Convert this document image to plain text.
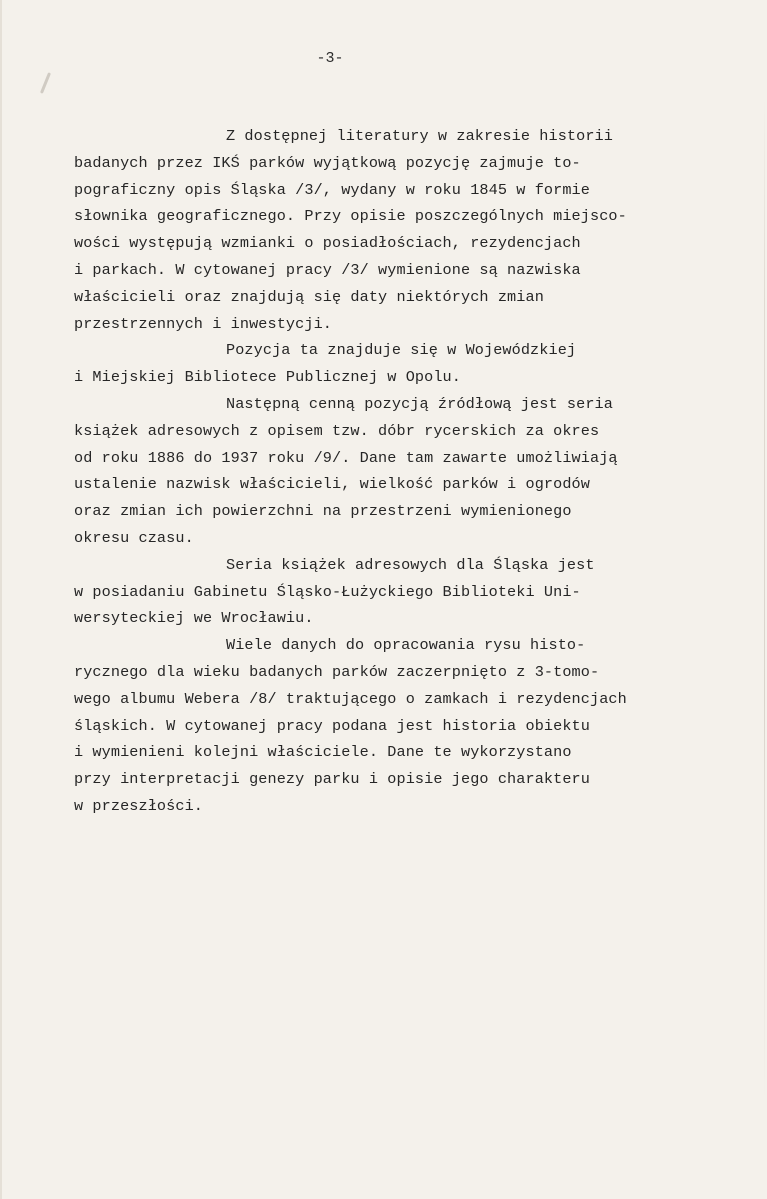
-3-
Z dostępnej literatury w zakresie historii
badanych przez IKŚ parków wyjątkową pozycję zajmuje to-
pograficzny opis Śląska /3/, wydany w roku 1845 w formie
słownika geograficznego. Przy opisie poszczególnych miejsco-
wości występują wzmianki o posiadłościach, rezydencjach
i parkach. W cytowanej pracy /3/ wymienione są nazwiska
właścicieli oraz znajdują się daty niektórych zmian
przestrzennych i inwestycji.
Pozycja ta znajduje się w Wojewódzkiej
i Miejskiej Bibliotece Publicznej w Opolu.
Następną cenną pozycją źródłową jest seria
książek adresowych z opisem tzw. dóbr rycerskich za okres
od roku 1886 do 1937 roku /9/. Dane tam zawarte umożliwiają
ustalenie nazwisk właścicieli, wielkość parków i ogrodów
oraz zmian ich powierzchni na przestrzeni wymienionego
okresu czasu.
Seria książek adresowych dla Śląska jest
w posiadaniu Gabinetu Śląsko-Łużyckiego Biblioteki Uni-
wersyteckiej we Wrocławiu.
Wiele danych do opracowania rysu histo-
rycznego dla wieku badanych parków zaczerpnięto z 3-tomo-
wego albumu Webera /8/ traktującego o zamkach i rezydencjach
śląskich. W cytowanej pracy podana jest historia obiektu
i wymienieni kolejni właściciele. Dane te wykorzystano
przy interpretacji genezy parku i opisie jego charakteru
w przeszłości.
